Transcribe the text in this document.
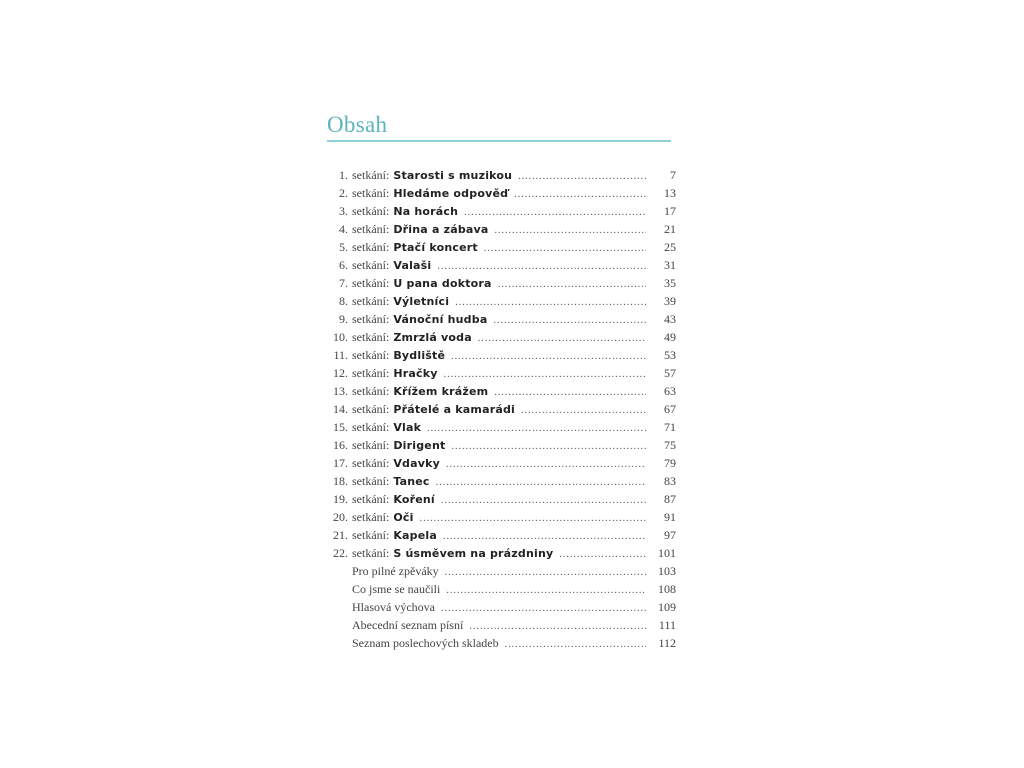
Obsah
1. setkání: Starosti s muzikou .....	7
2. setkání: Hledáme odpověď .....	13
3. setkání: Na horách .....	17
4. setkání: Dřina a zábava .....	21
5. setkání: Ptačí koncert .....	25
6. setkání: Valaši .....	31
7. setkání: U pana doktora .....	35
8. setkání: Výletníci .....	39
9. setkání: Vánoční hudba .....	43
10. setkání: Zmrzlá voda .....	49
11. setkání: Bydliště .....	53
12. setkání: Hračky .....	57
13. setkání: Křížem krážem .....	63
14. setkání: Přátelé a kamarádi .....	67
15. setkání: Vlak .....	71
16. setkání: Dirigent .....	75
17. setkání: Vdavky .....	79
18. setkání: Tanec .....	83
19. setkání: Koření .....	87
20. setkání: Oči .....	91
21. setkání: Kapela .....	97
22. setkání: S úsměvem na prázdniny .....	101
Pro pilné zpěváky .....	103
Co jsme se naučili .....	108
Hlasová výchova .....	109
Abecední seznam písní .....	111
Seznam poslechových skladeb .....	112
